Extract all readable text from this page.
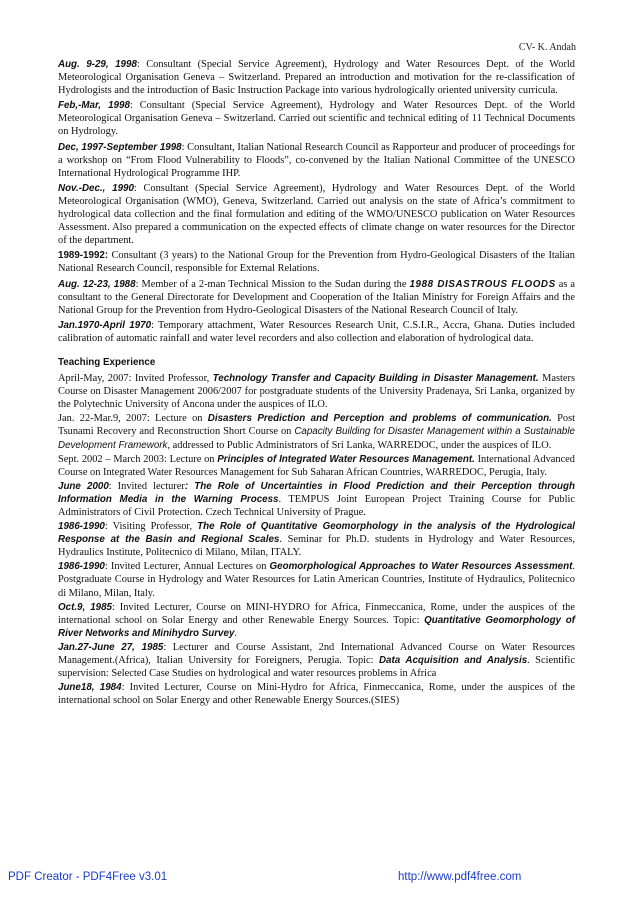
CV- K. Andah
Aug. 9-29, 1998: Consultant (Special Service Agreement), Hydrology and Water Resources Dept. of the World Meteorological Organisation Geneva – Switzerland. Prepared an introduction and motivation for the re-classification of Hydrologists and the introduction of Basic Instruction Package into various hydrologically oriented university curricula.
Feb,-Mar, 1998: Consultant (Special Service Agreement), Hydrology and Water Resources Dept. of the World Meteorological Organisation Geneva – Switzerland. Carried out scientific and technical editing of 11 Technical Documents on Hydrology.
Dec, 1997-September 1998: Consultant, Italian National Research Council as Rapporteur and producer of proceedings for a workshop on “From Flood Vulnerability to Floods”, co-convened by the Italian National Committee of the UNESCO International Hydrological Programme IHP.
Nov.-Dec., 1990: Consultant (Special Service Agreement), Hydrology and Water Resources Dept. of the World Meteorological Organisation (WMO), Geneva, Switzerland. Carried out analysis on the state of Africa’s commitment to hydrological data collection and the final formulation and editing of the WMO/UNESCO publication on Water Resources Assessment. Also prepared a communication on the expected effects of climate change on water resources for the Director of the department.
1989-1992: Consultant (3 years) to the National Group for the Prevention from Hydro-Geological Disasters of the Italian National Research Council, responsible for External Relations.
Aug. 12-23, 1988: Member of a 2-man Technical Mission to the Sudan during the 1988 DISASTROUS FLOODS as a consultant to the General Directorate for Development and Cooperation of the Italian Ministry for Foreign Affairs and the National Group for the Prevention from Hydro-Geological Disasters of the National Research Council of Italy.
Jan.1970-April 1970: Temporary attachment, Water Resources Research Unit, C.S.I.R., Accra, Ghana. Duties included calibration of automatic rainfall and water level recorders and also collection and elaboration of hydrological data.
Teaching Experience
April-May, 2007: Invited Professor, Technology Transfer and Capacity Building in Disaster Management. Masters Course on Disaster Management 2006/2007 for postgraduate students of the University Pradenaya, Sri Lanka, organized by the Polytechnic University of Ancona under the auspices of ILO.
Jan. 22-Mar.9, 2007: Lecture on Disasters Prediction and Perception and problems of communication. Post Tsunami Recovery and Reconstruction Short Course on Capacity Building for Disaster Management within a Sustainable Development Framework, addressed to Public Administrators of Sri Lanka, WARREDOC, under the auspices of ILO.
Sept. 2002 – March 2003: Lecture on Principles of Integrated Water Resources Management. International Advanced Course on Integrated Water Resources Management for Sub Saharan African Countries, WARREDOC, Perugia, Italy.
June 2000: Invited lecturer: The Role of Uncertainties in Flood Prediction and their Perception through Information Media in the Warning Process. TEMPUS Joint European Project Training Course for Public Administrators of Civil Protection. Czech Technical University of Prague.
1986-1990: Visiting Professor, The Role of Quantitative Geomorphology in the analysis of the Hydrological Response at the Basin and Regional Scales. Seminar for Ph.D. students in Hydrology and Water Resources, Hydraulics Institute, Politecnico di Milano, Milan, ITALY.
1986-1990: Invited Lecturer, Annual Lectures on Geomorphological Approaches to Water Resources Assessment. Postgraduate Course in Hydrology and Water Resources for Latin American Countries, Institute of Hydraulics, Politecnico di Milano, Milan, Italy.
Oct.9, 1985: Invited Lecturer, Course on MINI-HYDRO for Africa, Finmeccanica, Rome, under the auspices of the international school on Solar Energy and other Renewable Energy Sources. Topic: Quantitative Geomorphology of River Networks and Minihydro Survey.
Jan.27-June 27, 1985: Lecturer and Course Assistant, 2nd International Advanced Course on Water Resources Management.(Africa), Italian University for Foreigners, Perugia. Topic: Data Acquisition and Analysis. Scientific supervision: Selected Case Studies on hydrological and water resources problems in Africa
June18, 1984: Invited Lecturer, Course on Mini-Hydro for Africa, Finmeccanica, Rome, under the auspices of the international school on Solar Energy and other Renewable Energy Sources.(SIES)
PDF Creator - PDF4Free v3.01	http://www.pdf4free.com
